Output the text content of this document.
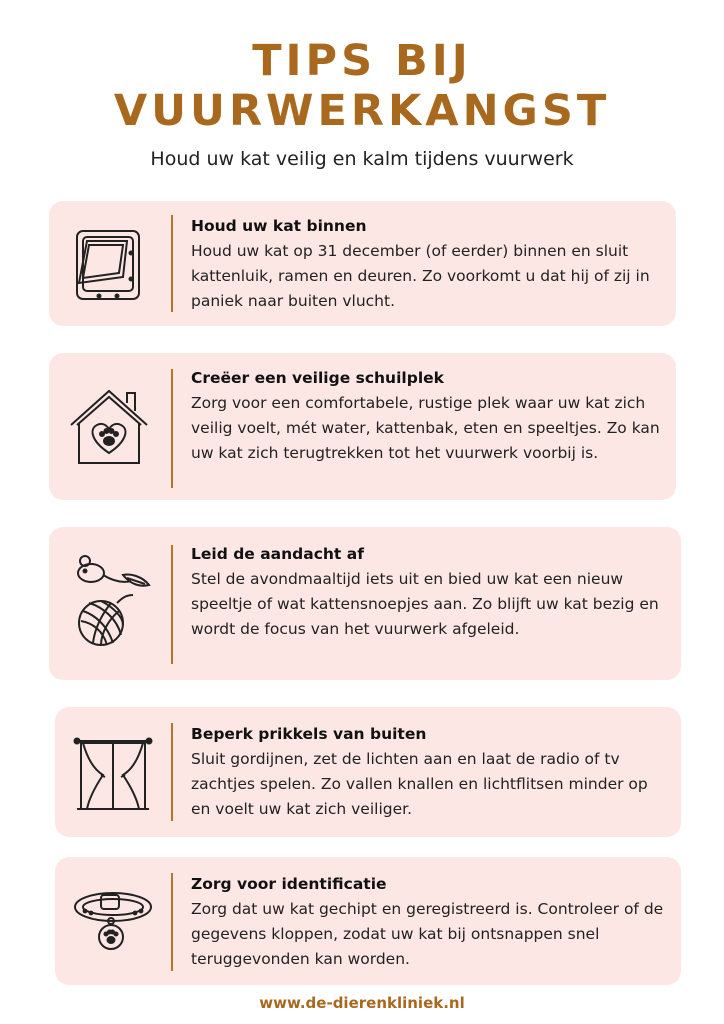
TIPS BIJ
VUURWERKANGST
Houd uw kat veilig en kalm tijdens vuurwerk
Houd uw kat binnen
Houd uw kat op 31 december (of eerder) binnen en sluit kattenluik, ramen en deuren. Zo voorkomt u dat hij of zij in paniek naar buiten vlucht.
Creëer een veilige schuilplek
Zorg voor een comfortabele, rustige plek waar uw kat zich veilig voelt, mét water, kattenbak, eten en speeltjes. Zo kan uw kat zich terugtrekken tot het vuurwerk voorbij is.
Leid de aandacht af
Stel de avondmaaltijd iets uit en bied uw kat een nieuw speeltje of wat kattensnoepjes aan. Zo blijft uw kat bezig en wordt de focus van het vuurwerk afgeleid.
Beperk prikkels van buiten
Sluit gordijnen, zet de lichten aan en laat de radio of tv zachtjes spelen. Zo vallen knallen en lichtflitsen minder op en voelt uw kat zich veiliger.
Zorg voor identificatie
Zorg dat uw kat gechipt en geregistreerd is. Controleer of de gegevens kloppen, zodat uw kat bij ontsnappen snel teruggevonden kan worden.
www.de-dierenkliniek.nl
